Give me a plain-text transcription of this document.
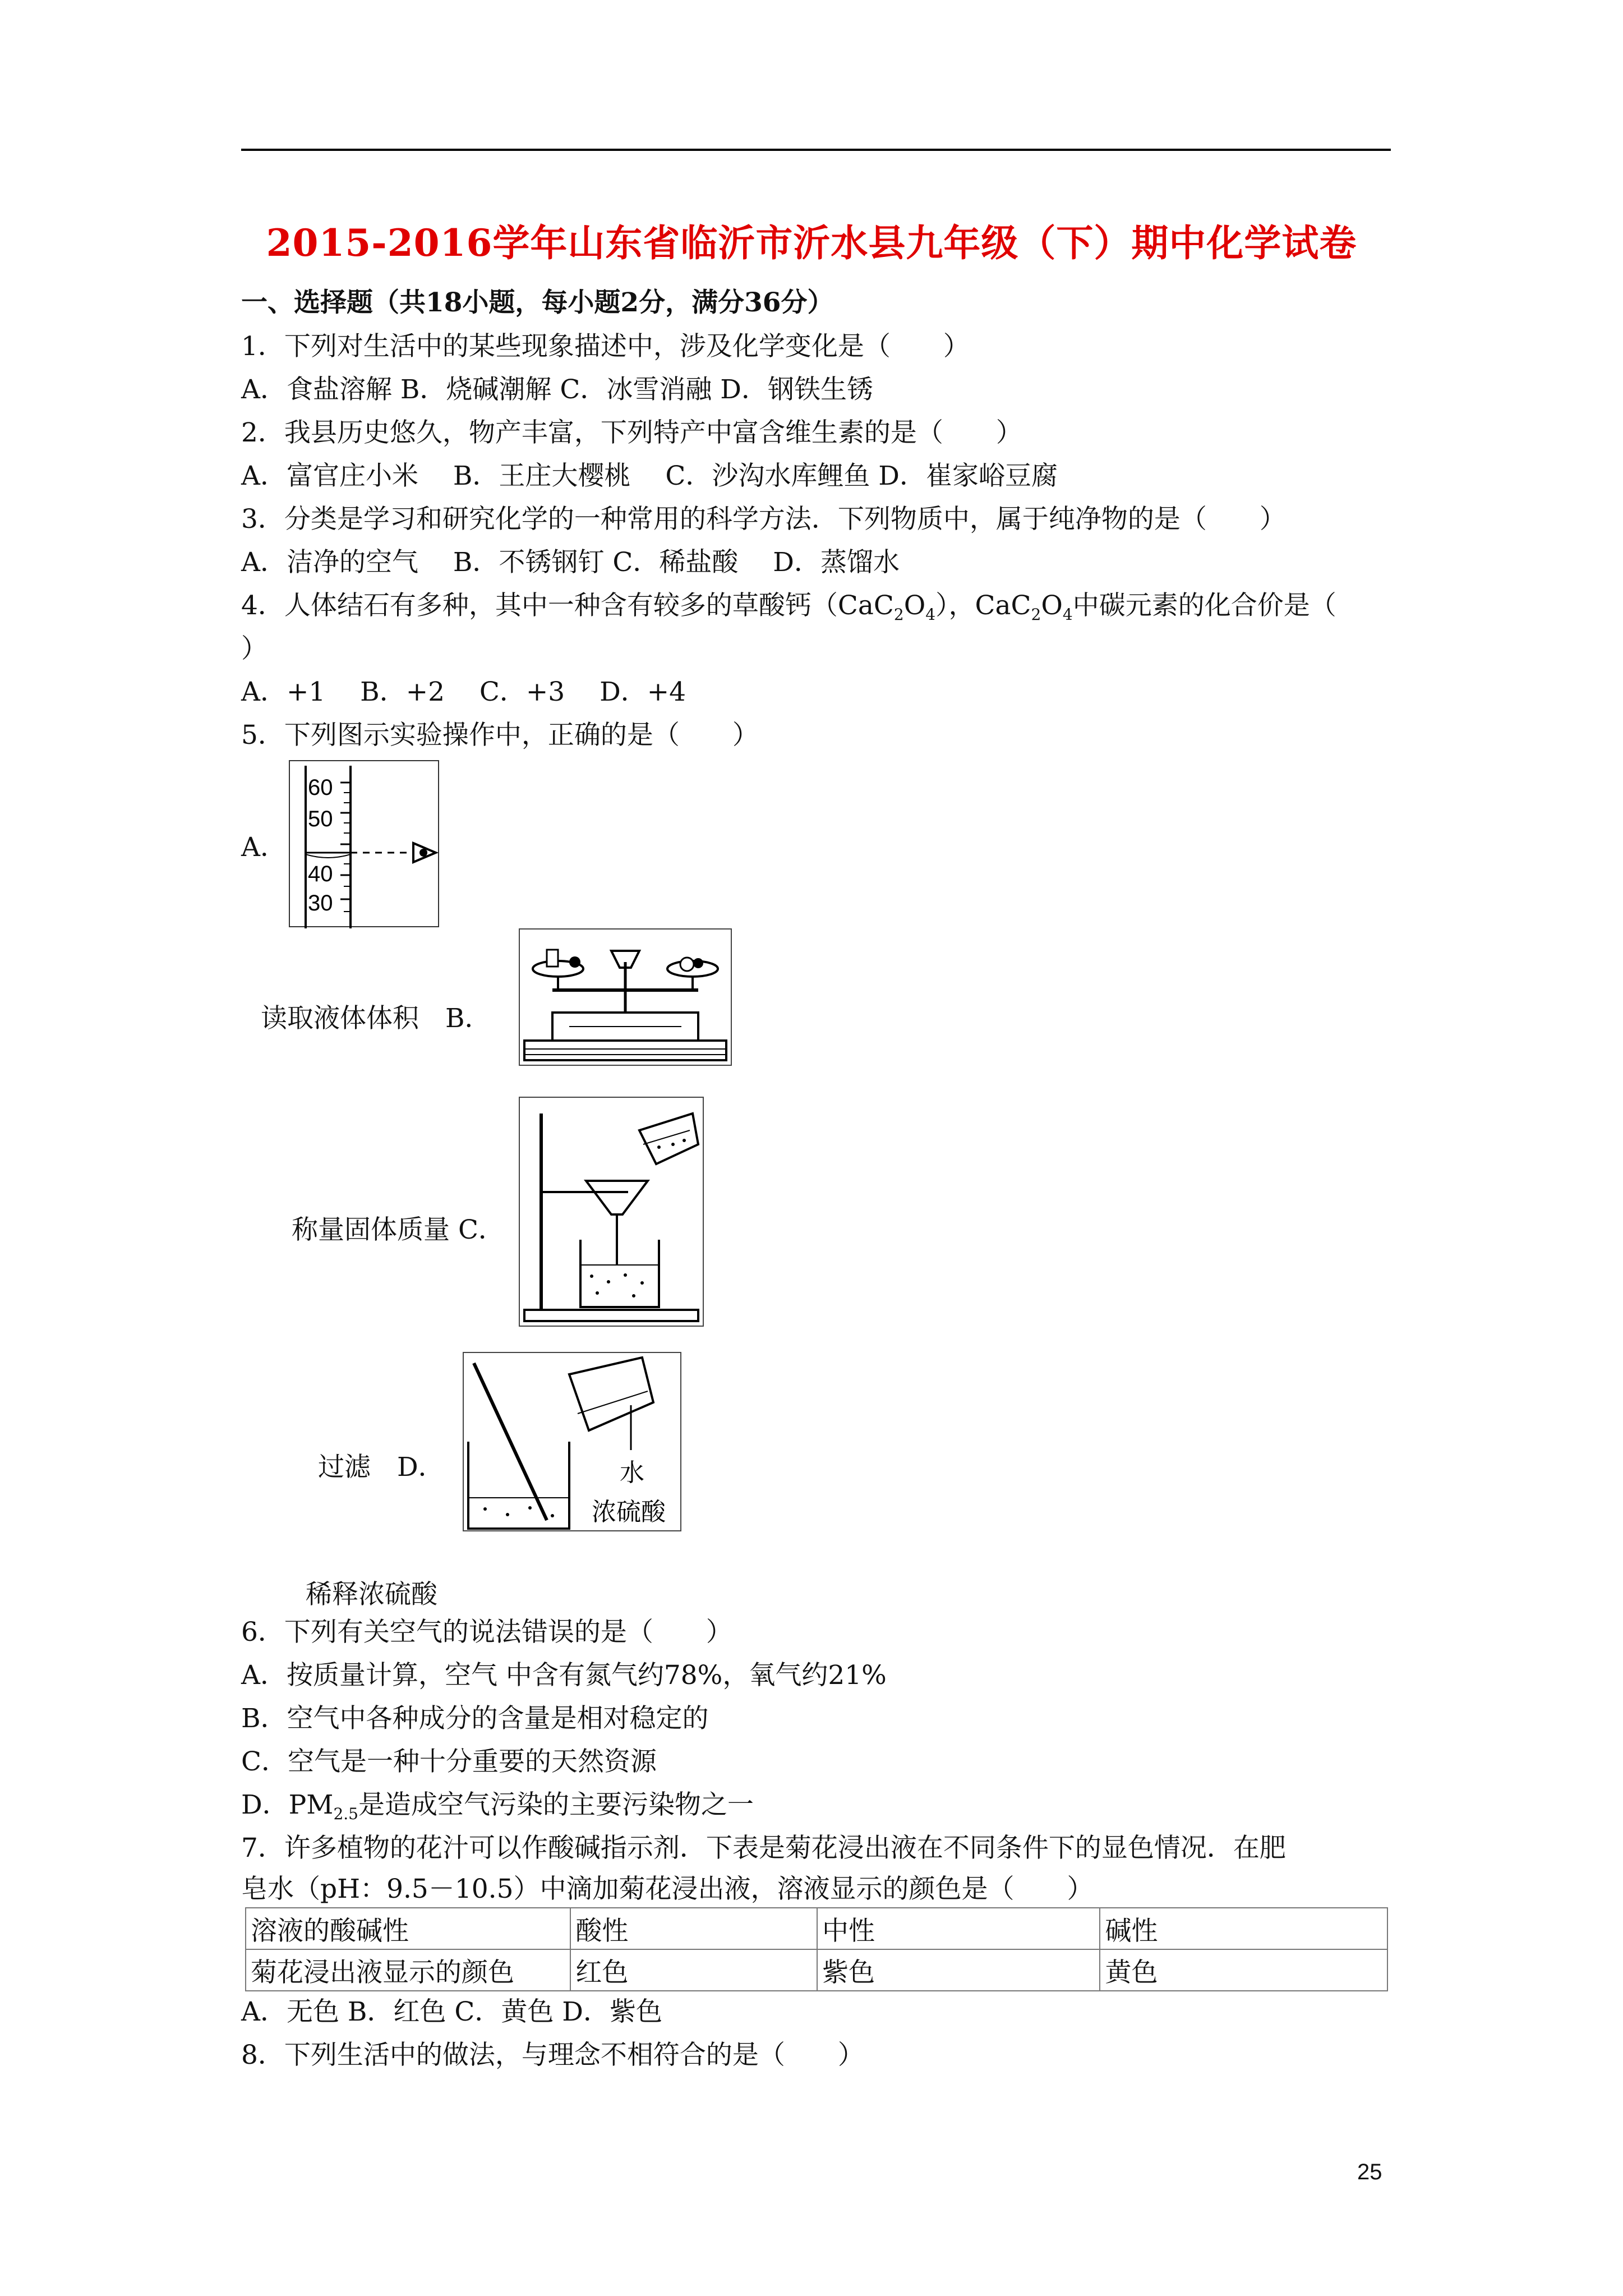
2015-2016学年山东省临沂市沂水县九年级（下）期中化学试卷
一、选择题（共18小题，每小题2分，满分36分）
1．下列对生活中的某些现象描述中，涉及化学变化是（　　）
A．食盐溶解 B．烧碱潮解 C．冰雪消融 D．钢铁生锈
2．我县历史悠久，物产丰富，下列特产中富含维生素的是（　　）
A．富官庄小米　 B．王庄大樱桃　 C．沙沟水库鲤鱼 D．崔家峪豆腐
3．分类是学习和研究化学的一种常用的科学方法．下列物质中，属于纯净物的是（　　）
A．洁净的空气　 B．不锈钢钉 C．稀盐酸　 D．蒸馏水
4．人体结石有多种，其中一种含有较多的草酸钙$(CaC_2O_4)$，$CaC_2O_4$中碳元素的化合价是（
）
A．+1　 B．+2　 C．+3　 D．+4
5．下列图示实验操作中，正确的是（　　）
A．
60
50
40
30
读取液体体积　B．
称量固体质量 C．
过滤　D．	水
浓硫酸
稀释浓硫酸
6．下列有关空气的说法错误的是（　　）
A．按质量计算，空气 中含有氮气约78%，氧气约21%
B．空气中各种成分的含量是相对稳定的
C．空气是一种十分重要的天然资源
D．$PM_{2.5}$是造成空气污染的主要污染物之一
7．许多植物的花汁可以作酸碱指示剂．下表是菊花浸出液在不同条件下的显色情况．在肥
皂水（pH：9.5－10.5）中滴加菊花浸出液，溶液显示的颜色是（　　）
溶液的酸碱性	酸性	中性	碱性
菊花浸出液显示的颜色	红色	紫色	黄色
A．无色 B．红色 C．黄色 D．紫色
8．下列生活中的做法，与理念不相符合的是（　　）
25
